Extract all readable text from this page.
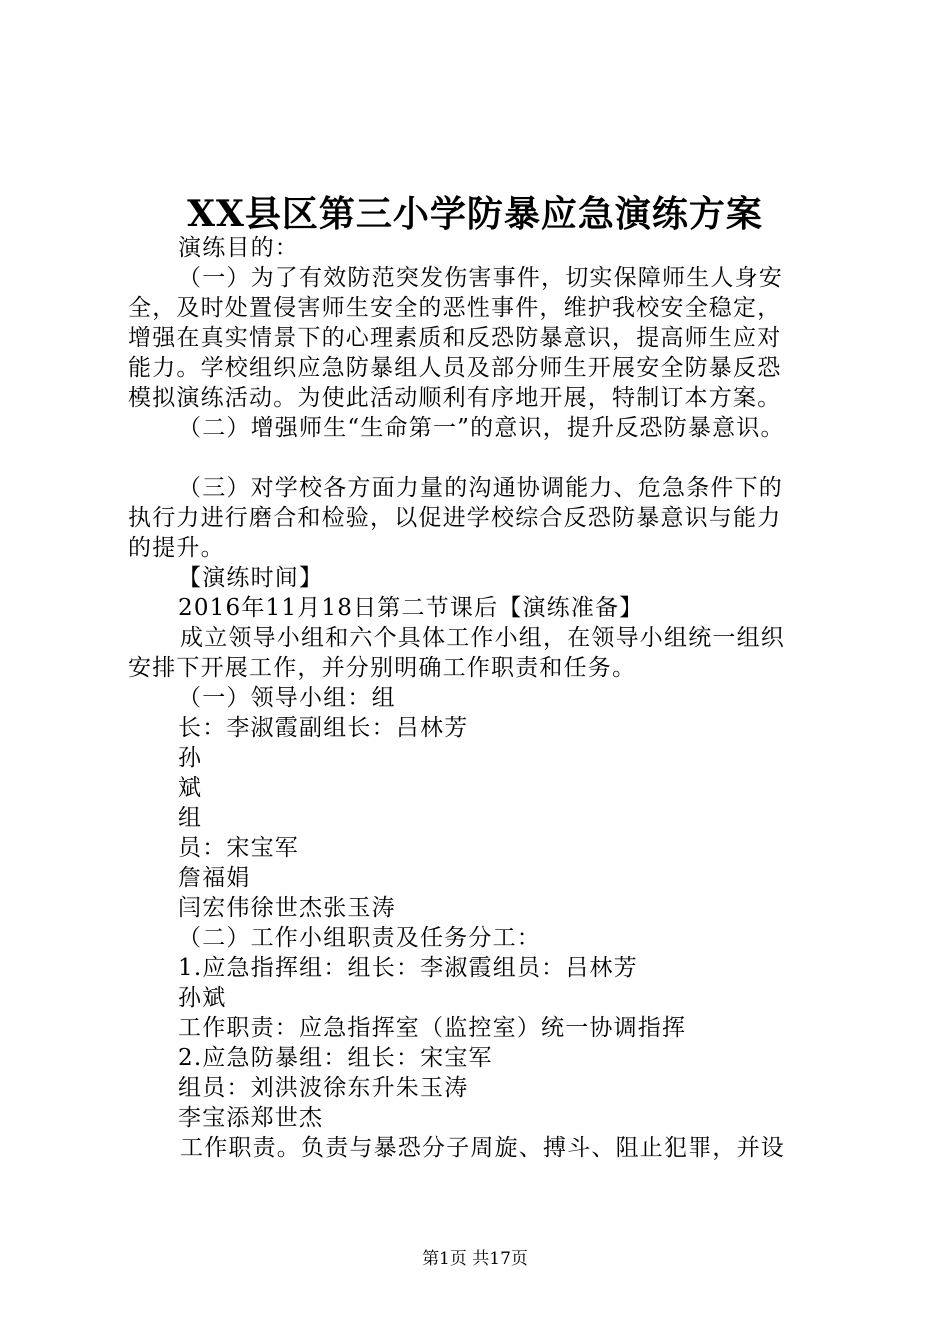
XX县区第三小学防暴应急演练方案
演练目的：
（一）为了有效防范突发伤害事件，切实保障师生人身安
全，及时处置侵害师生安全的恶性事件，维护我校安全稳定，
增强在真实情景下的心理素质和反恐防暴意识，提高师生应对
能力。学校组织应急防暴组人员及部分师生开展安全防暴反恐
模拟演练活动。为使此活动顺利有序地开展，特制订本方案。
（二）增强师生“生命第一”的意识，提升反恐防暴意识。
（三）对学校各方面力量的沟通协调能力、危急条件下的
执行力进行磨合和检验，以促进学校综合反恐防暴意识与能力
的提升。
【演练时间】
2016年11月18日第二节课后【演练准备】
成立领导小组和六个具体工作小组，在领导小组统一组织
安排下开展工作，并分别明确工作职责和任务。
（一）领导小组：组
长：李淑霞副组长：吕林芳
孙
斌
组
员：宋宝军
詹福娟
闫宏伟徐世杰张玉涛
（二）工作小组职责及任务分工：
1.应急指挥组：组长：李淑霞组员：吕林芳
孙斌
工作职责：应急指挥室（监控室）统一协调指挥
2.应急防暴组：组长：宋宝军
组员：刘洪波徐东升朱玉涛
李宝添郑世杰
工作职责。负责与暴恐分子周旋、搏斗、阻止犯罪，并设
第1页 共17页
